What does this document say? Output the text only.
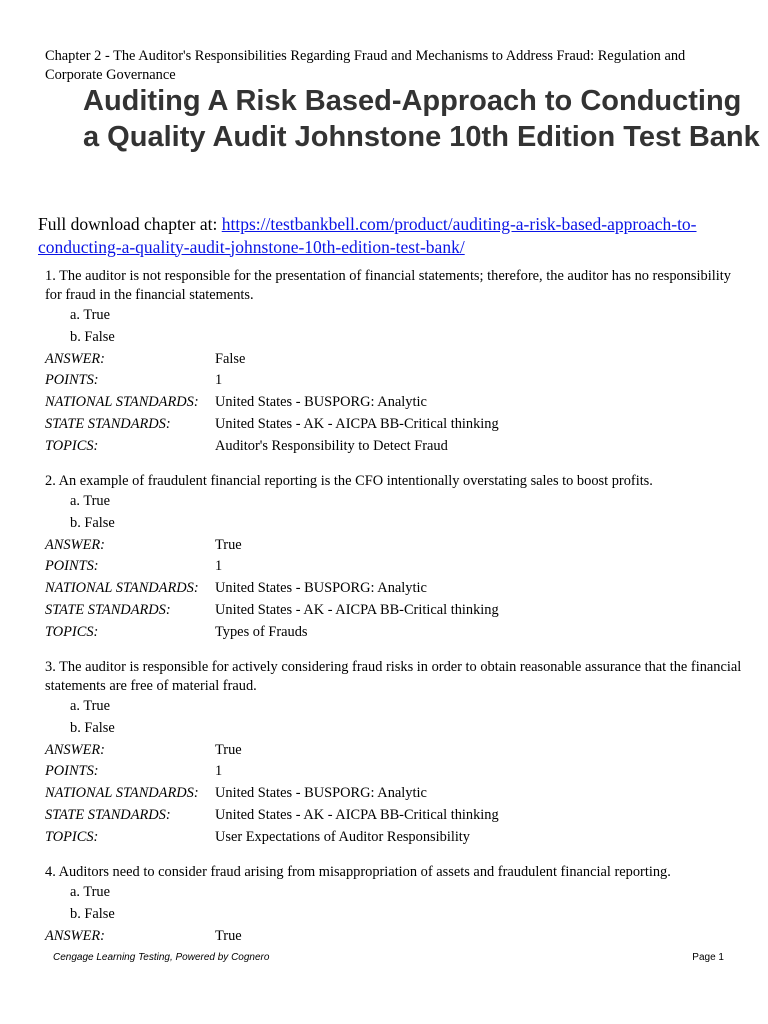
Chapter 2 - The Auditor's Responsibilities Regarding Fraud and Mechanisms to Address Fraud: Regulation and Corporate Governance
Auditing A Risk Based-Approach to Conducting a Quality Audit Johnstone 10th Edition Test Bank
Full download chapter at: https://testbankbell.com/product/auditing-a-risk-based-approach-to-conducting-a-quality-audit-johnstone-10th-edition-test-bank/

1. The auditor is not responsible for the presentation of financial statements; therefore, the auditor has no responsibility for fraud in the financial statements.

a. True
b. False
ANSWER:	False
POINTS:	1
NATIONAL STANDARDS:	United States - BUSPORG: Analytic
STATE STANDARDS:	United States - AK - AICPA BB-Critical thinking
TOPICS:	Auditor's Responsibility to Detect Fraud

2. An example of fraudulent financial reporting is the CFO intentionally overstating sales to boost profits.

a. True
b. False
ANSWER:	True
POINTS:	1
NATIONAL STANDARDS:	United States - BUSPORG: Analytic
STATE STANDARDS:	United States - AK - AICPA BB-Critical thinking
TOPICS:	Types of Frauds

3. The auditor is responsible for actively considering fraud risks in order to obtain reasonable assurance that the financial statements are free of material fraud.

a. True
b. False
ANSWER:	True
POINTS:	1
NATIONAL STANDARDS:	United States - BUSPORG: Analytic
STATE STANDARDS:	United States - AK - AICPA BB-Critical thinking
TOPICS:	User Expectations of Auditor Responsibility

4. Auditors need to consider fraud arising from misappropriation of assets and fraudulent financial reporting.

a. True
b. False
ANSWER:	True
Cengage Learning Testing, Powered by Cognero	Page 1
